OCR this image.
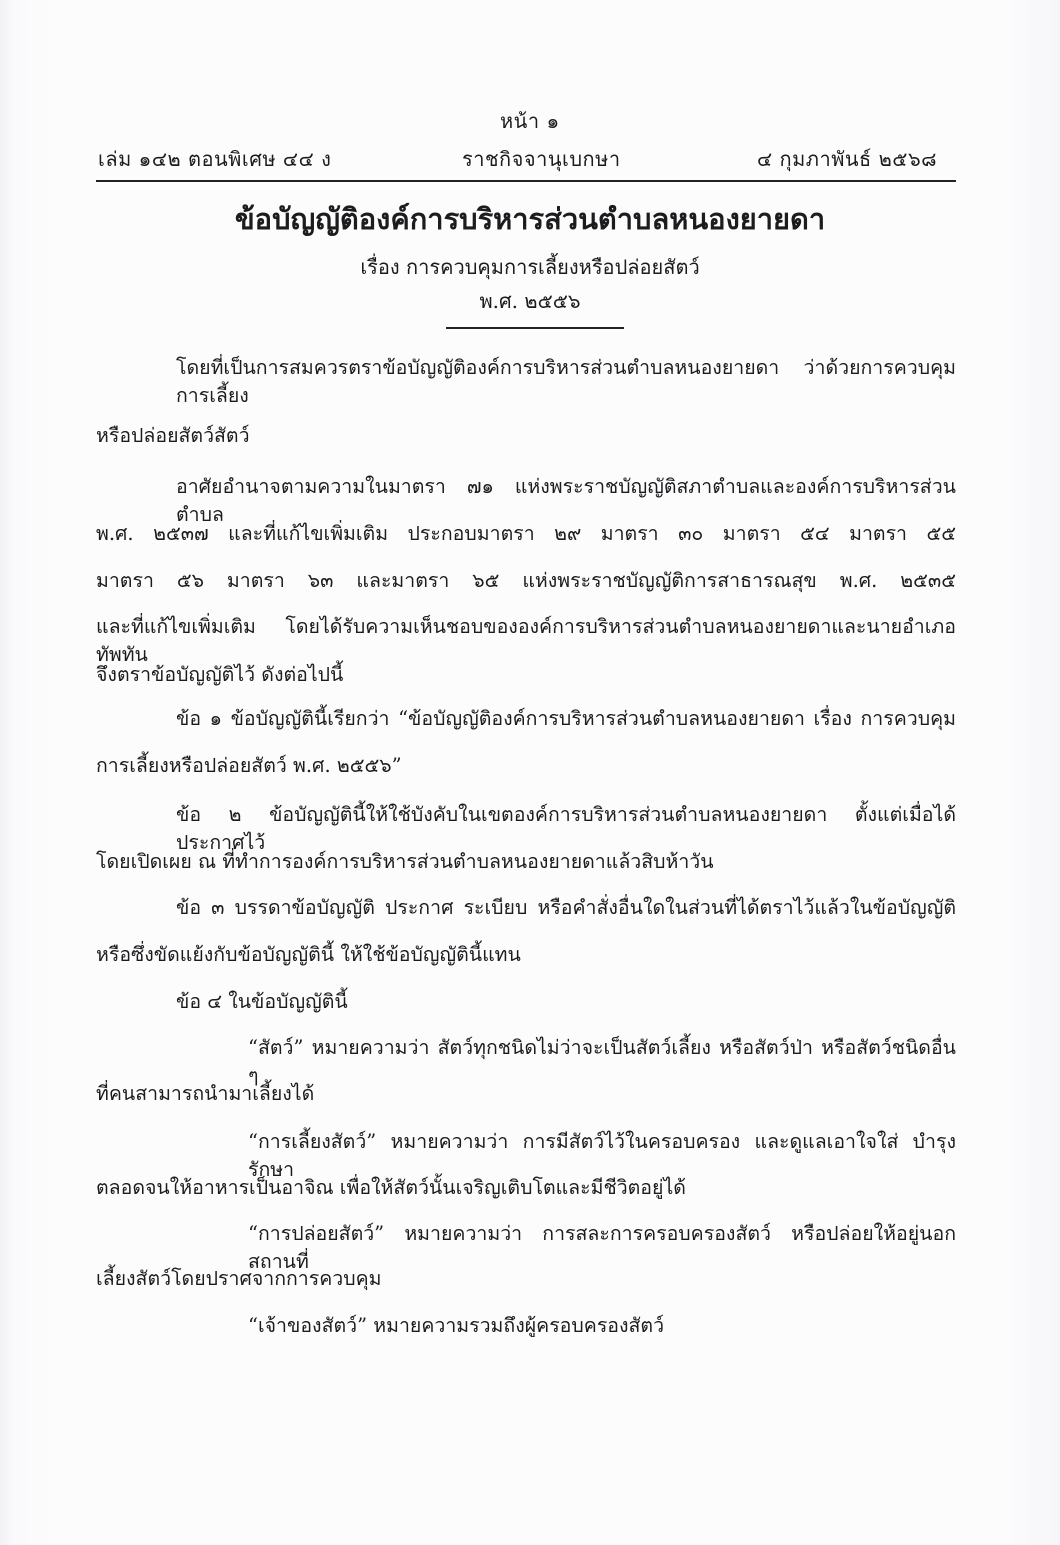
หน้า ๑
เล่ม ๑๔๒ ตอนพิเศษ ๔๔ ง	ราชกิจจานุเบกษา	๔ กุมภาพันธ์ ๒๕๖๘
ข้อบัญญัติองค์การบริหารส่วนตำบลหนองยายดา
เรื่อง การควบคุมการเลี้ยงหรือปล่อยสัตว์
พ.ศ. ๒๕๕๖
โดยที่เป็นการสมควรตราข้อบัญญัติองค์การบริหารส่วนตำบลหนองยายดา ว่าด้วยการควบคุมการเลี้ยง
หรือปล่อยสัตว์สัตว์
อาศัยอำนาจตามความในมาตรา ๗๑ แห่งพระราชบัญญัติสภาตำบลและองค์การบริหารส่วนตำบล
พ.ศ. ๒๕๓๗ และที่แก้ไขเพิ่มเติม ประกอบมาตรา ๒๙ มาตรา ๓๐ มาตรา ๕๔ มาตรา ๕๕
มาตรา ๕๖ มาตรา ๖๓ และมาตรา ๖๕ แห่งพระราชบัญญัติการสาธารณสุข พ.ศ. ๒๕๓๕
และที่แก้ไขเพิ่มเติม โดยได้รับความเห็นชอบขององค์การบริหารส่วนตำบลหนองยายดาและนายอำเภอทัพทัน
จึงตราข้อบัญญัติไว้ ดังต่อไปนี้
ข้อ ๑ ข้อบัญญัตินี้เรียกว่า “ข้อบัญญัติองค์การบริหารส่วนตำบลหนองยายดา เรื่อง การควบคุม
การเลี้ยงหรือปล่อยสัตว์ พ.ศ. ๒๕๕๖”
ข้อ ๒ ข้อบัญญัตินี้ให้ใช้บังคับในเขตองค์การบริหารส่วนตำบลหนองยายดา ตั้งแต่เมื่อได้ประกาศไว้
โดยเปิดเผย ณ ที่ทำการองค์การบริหารส่วนตำบลหนองยายดาแล้วสิบห้าวัน
ข้อ ๓ บรรดาข้อบัญญัติ ประกาศ ระเบียบ หรือคำสั่งอื่นใดในส่วนที่ได้ตราไว้แล้วในข้อบัญญัติ
หรือซึ่งขัดแย้งกับข้อบัญญัตินี้ ให้ใช้ข้อบัญญัตินี้แทน
ข้อ ๔ ในข้อบัญญัตินี้
“สัตว์” หมายความว่า สัตว์ทุกชนิดไม่ว่าจะเป็นสัตว์เลี้ยง หรือสัตว์ป่า หรือสัตว์ชนิดอื่น ๆ
ที่คนสามารถนำมาเลี้ยงได้
“การเลี้ยงสัตว์” หมายความว่า การมีสัตว์ไว้ในครอบครอง และดูแลเอาใจใส่ บำรุงรักษา
ตลอดจนให้อาหารเป็นอาจิณ เพื่อให้สัตว์นั้นเจริญเติบโตและมีชีวิตอยู่ได้
“การปล่อยสัตว์” หมายความว่า การสละการครอบครองสัตว์ หรือปล่อยให้อยู่นอกสถานที่
เลี้ยงสัตว์โดยปราศจากการควบคุม
“เจ้าของสัตว์” หมายความรวมถึงผู้ครอบครองสัตว์
